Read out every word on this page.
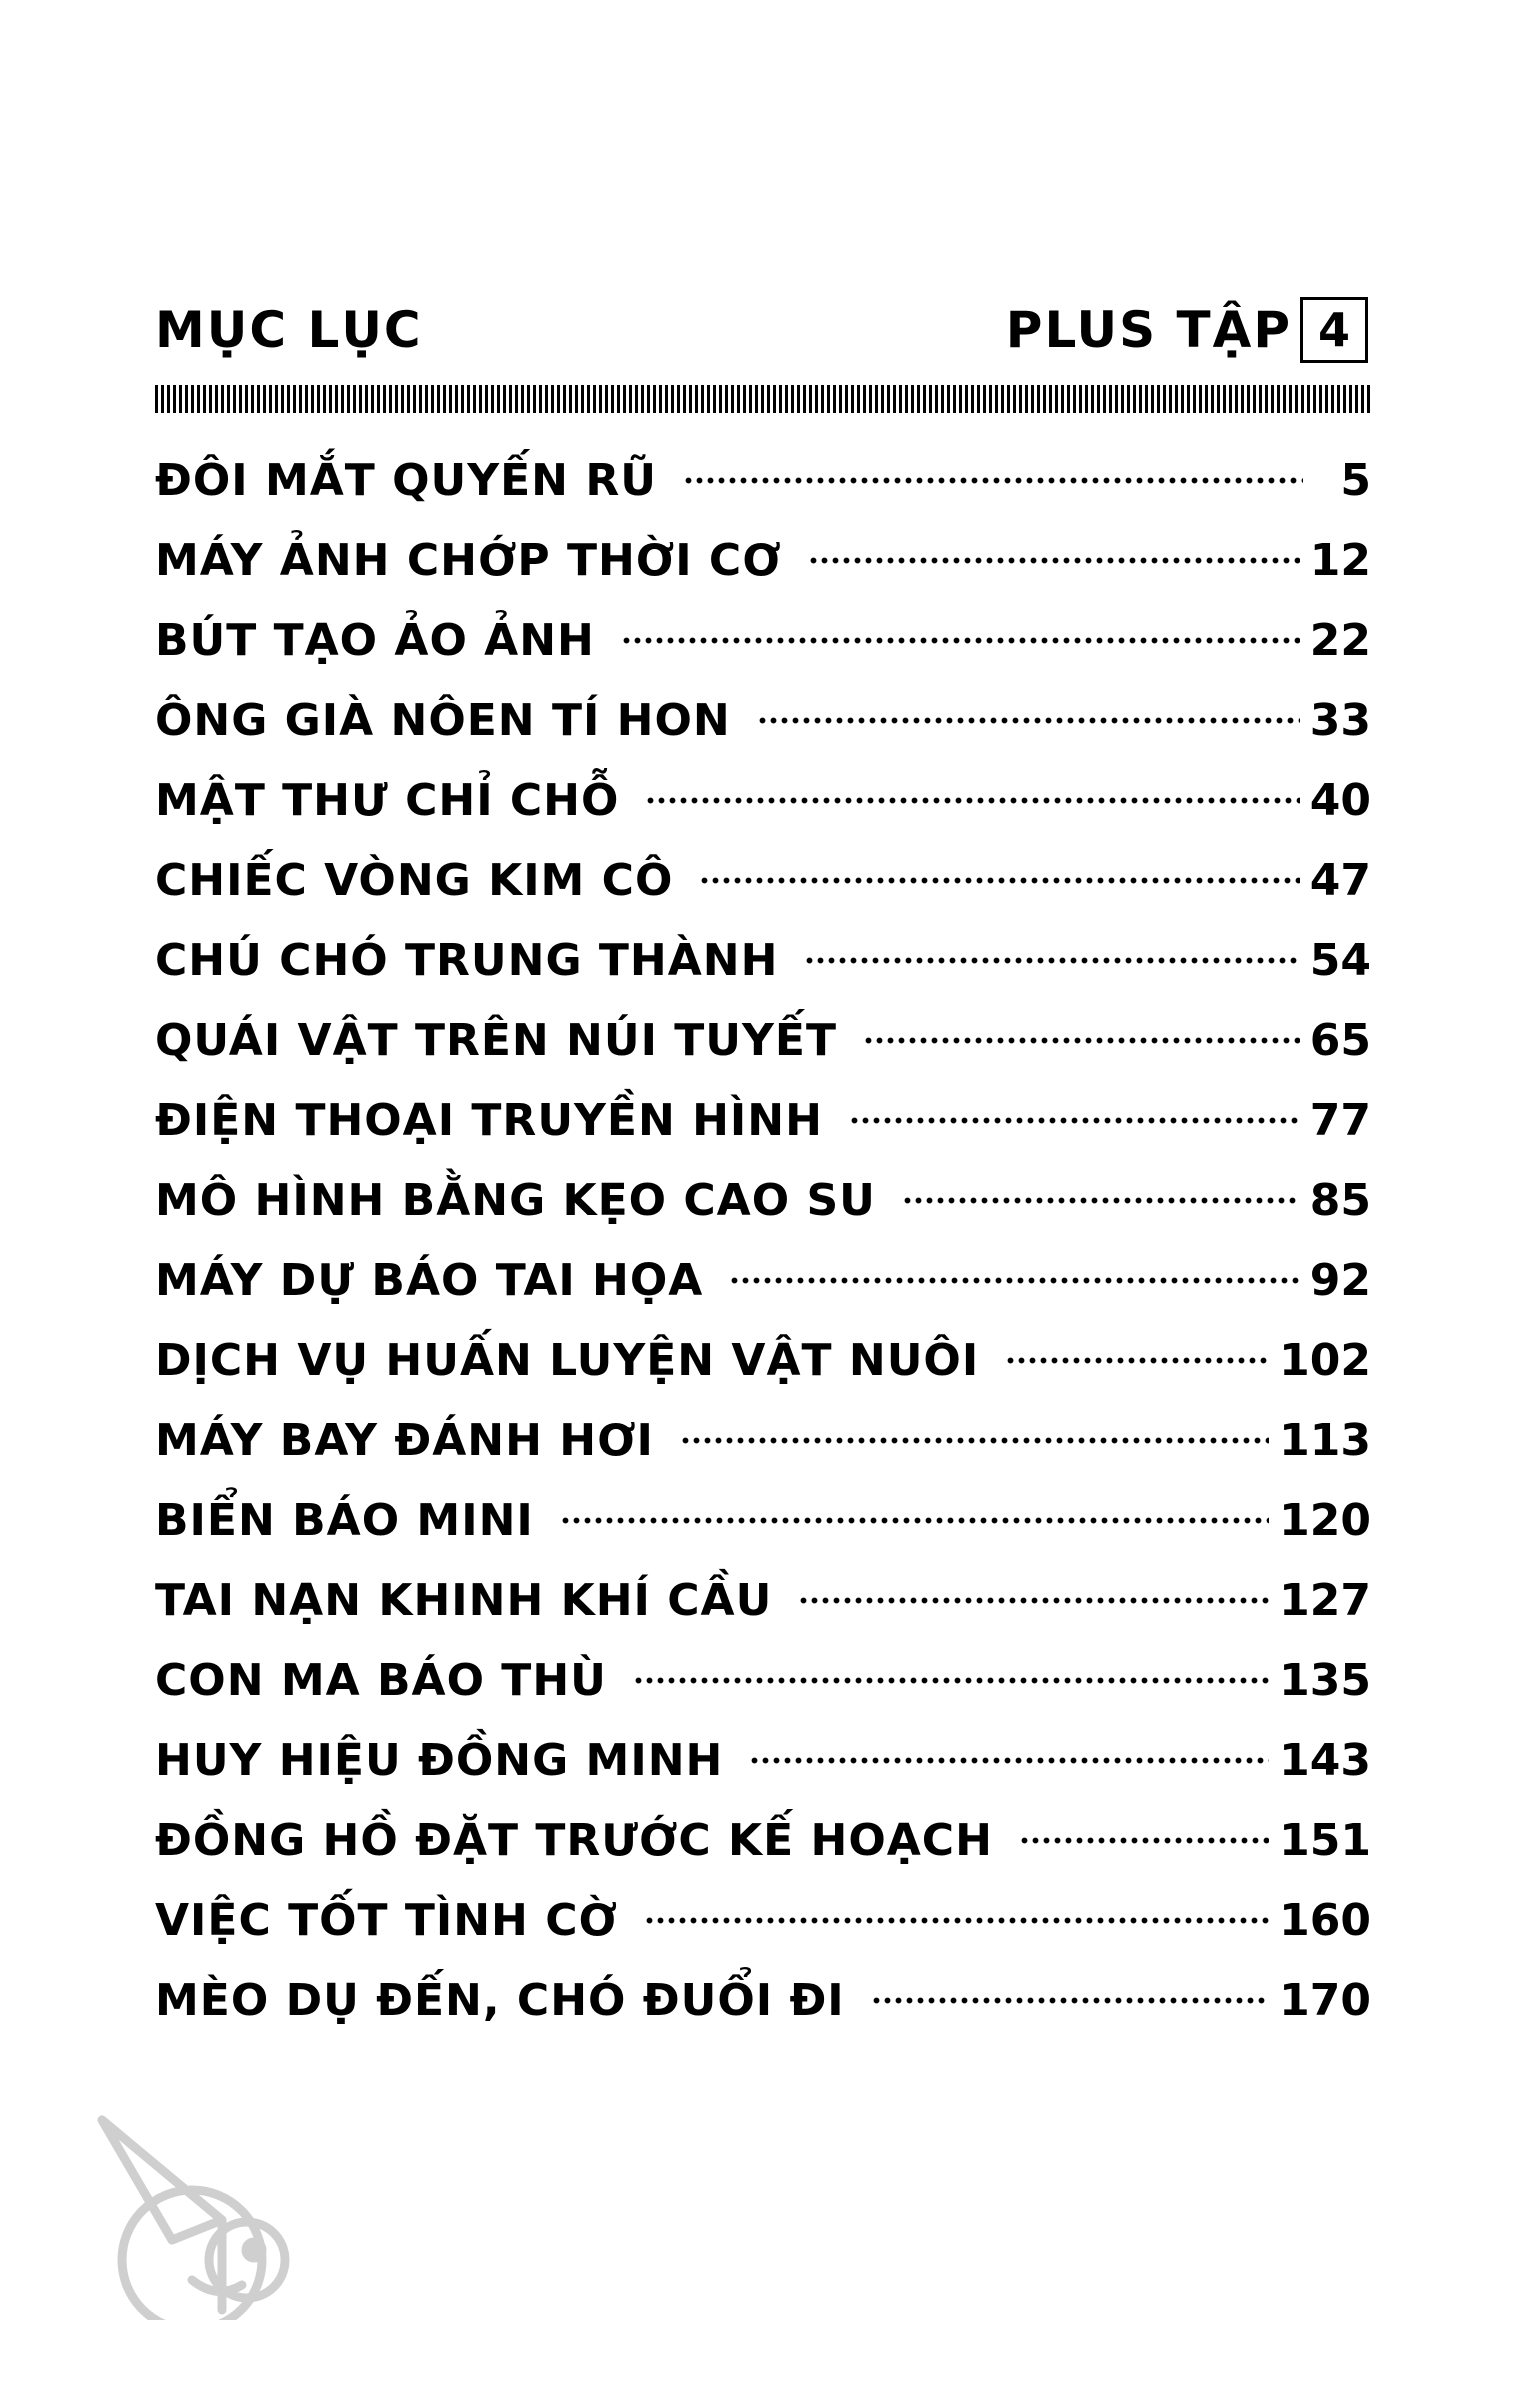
MỤC LỤC	PLUS TẬP 4
ĐÔI MẮT QUYẾN RŨ	5
MÁY ẢNH CHỚP THỜI CƠ	12
BÚT TẠO ẢO ẢNH	22
ÔNG GIÀ NÔEN TÍ HON	33
MẬT THƯ CHỈ CHỖ	40
CHIẾC VÒNG KIM CÔ	47
CHÚ CHÓ TRUNG THÀNH	54
QUÁI VẬT TRÊN NÚI TUYẾT	65
ĐIỆN THOẠI TRUYỀN HÌNH	77
MÔ HÌNH BẰNG KẸO CAO SU	85
MÁY DỰ BÁO TAI HỌA	92
DỊCH VỤ HUẤN LUYỆN VẬT NUÔI	102
MÁY BAY ĐÁNH HƠI	113
BIỂN BÁO MINI	120
TAI NẠN KHINH KHÍ CẦU	127
CON MA BÁO THÙ	135
HUY HIỆU ĐỒNG MINH	143
ĐỒNG HỒ ĐẶT TRƯỚC KẾ HOẠCH	151
VIỆC TỐT TÌNH CỜ	160
MÈO DỤ ĐẾN, CHÓ ĐUỔI ĐI	170
